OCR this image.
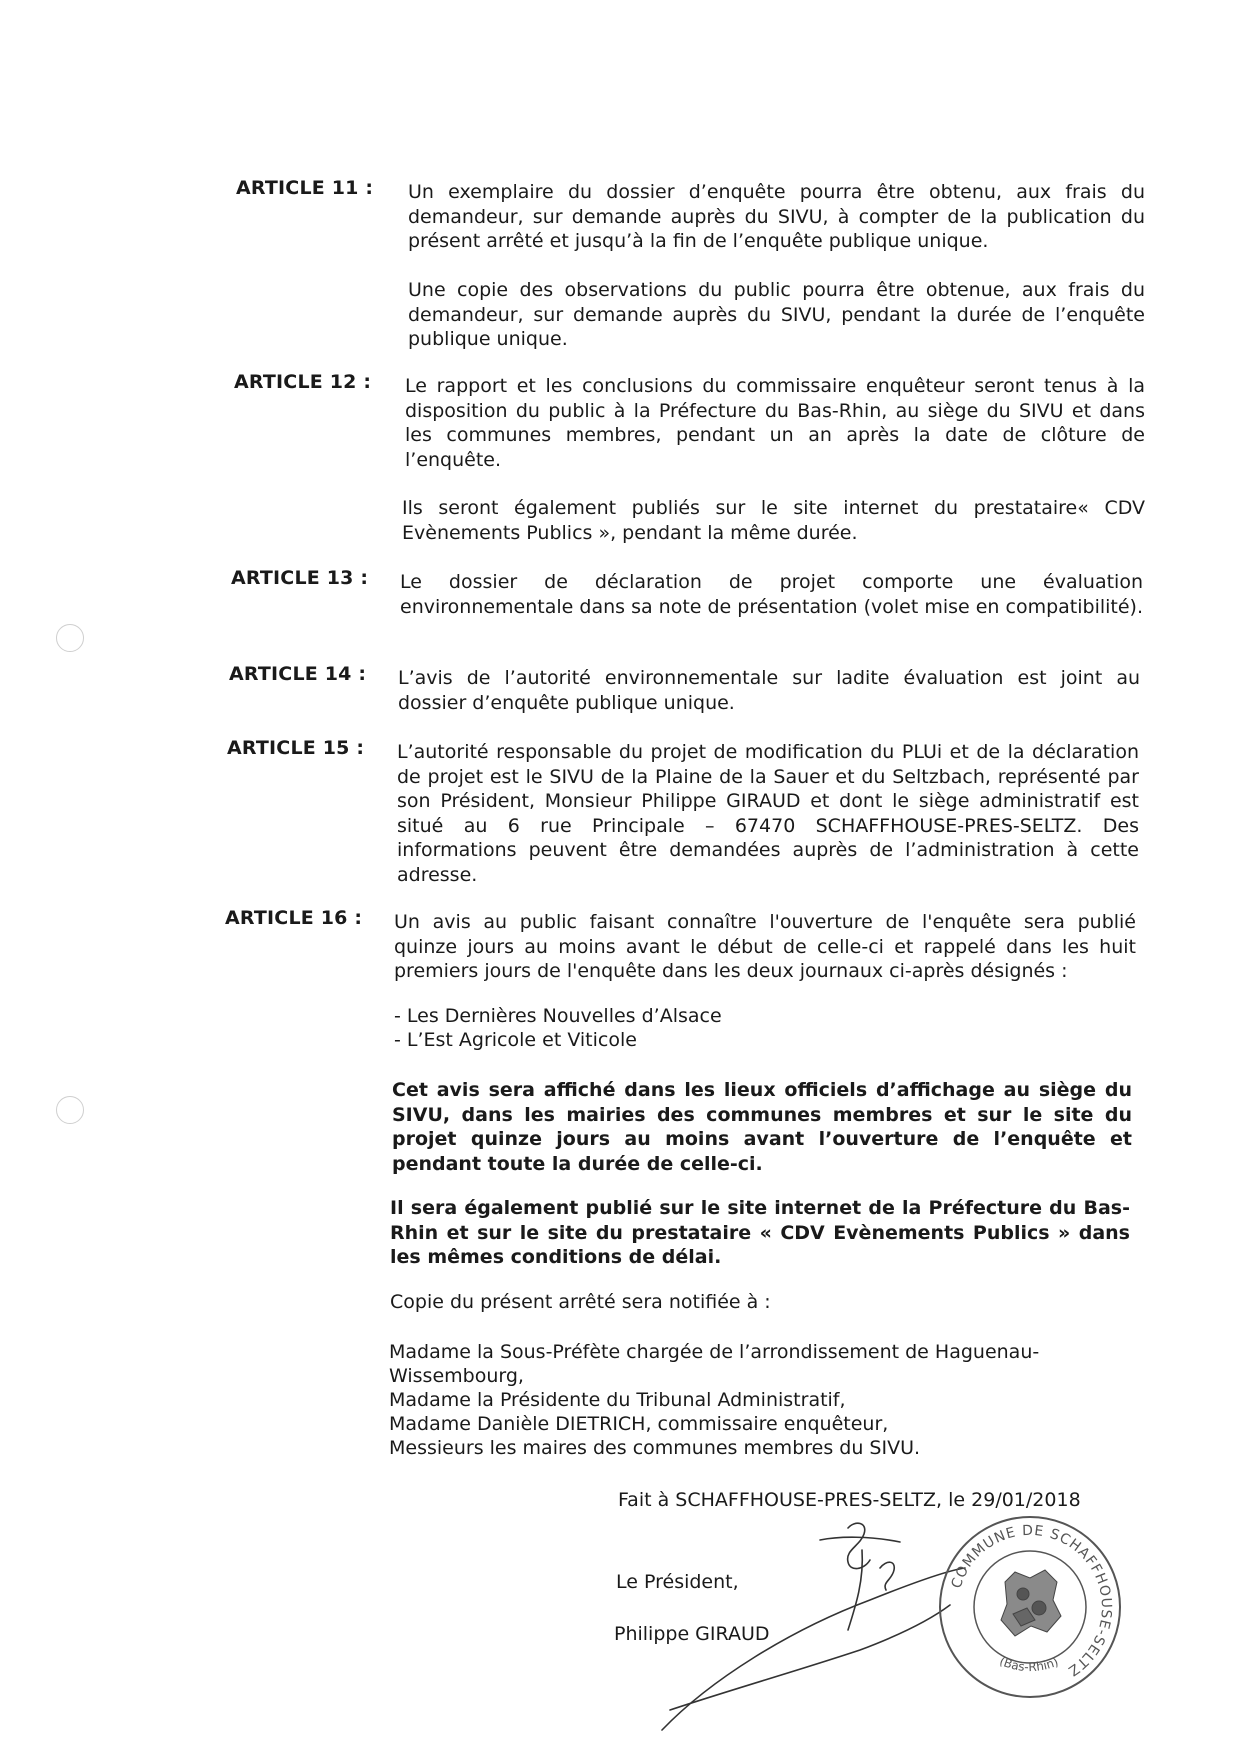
ARTICLE 11 : Un exemplaire du dossier d’enquête pourra être obtenu, aux frais du demandeur, sur demande auprès du SIVU, à compter de la publication du présent arrêté et jusqu’à la fin de l’enquête publique unique.
Une copie des observations du public pourra être obtenue, aux frais du demandeur, sur demande auprès du SIVU, pendant la durée de l’enquête publique unique.
ARTICLE 12 : Le rapport et les conclusions du commissaire enquêteur seront tenus à la disposition du public à la Préfecture du Bas-Rhin, au siège du SIVU et dans les communes membres, pendant un an après la date de clôture de l’enquête.
Ils seront également publiés sur le site internet du prestataire« CDV Evènements Publics », pendant la même durée.
ARTICLE 13 : Le dossier de déclaration de projet comporte une évaluation environnementale dans sa note de présentation (volet mise en compatibilité).
ARTICLE 14 : L’avis de l’autorité environnementale sur ladite évaluation est joint au dossier d’enquête publique unique.
ARTICLE 15 : L’autorité responsable du projet de modification du PLUi et de la déclaration de projet est le SIVU de la Plaine de la Sauer et du Seltzbach, représenté par son Président, Monsieur Philippe GIRAUD et dont le siège administratif est situé au 6 rue Principale – 67470 SCHAFFHOUSE-PRES-SELTZ. Des informations peuvent être demandées auprès de l’administration à cette adresse.
ARTICLE 16 : Un avis au public faisant connaître l'ouverture de l'enquête sera publié quinze jours au moins avant le début de celle-ci et rappelé dans les huit premiers jours de l'enquête dans les deux journaux ci-après désignés :
- Les Dernières Nouvelles d’Alsace
- L’Est Agricole et Viticole
Cet avis sera affiché dans les lieux officiels d’affichage au siège du SIVU, dans les mairies des communes membres et sur le site du projet quinze jours au moins avant l’ouverture de l’enquête et pendant toute la durée de celle-ci.
Il sera également publié sur le site internet de la Préfecture du Bas-Rhin et sur le site du prestataire « CDV Evènements Publics » dans les mêmes conditions de délai.
Copie du présent arrêté sera notifiée à :
Madame la Sous-Préfète chargée de l’arrondissement de Haguenau-
Wissembourg,
Madame la Présidente du Tribunal Administratif,
Madame Danièle DIETRICH, commissaire enquêteur,
Messieurs les maires des communes membres du SIVU.
Fait à SCHAFFHOUSE-PRES-SELTZ, le 29/01/2018
Le Président,
Philippe GIRAUD
COMMUNE DE SCHAFFHOUSE-SELTZ
(Bas-Rhin)
